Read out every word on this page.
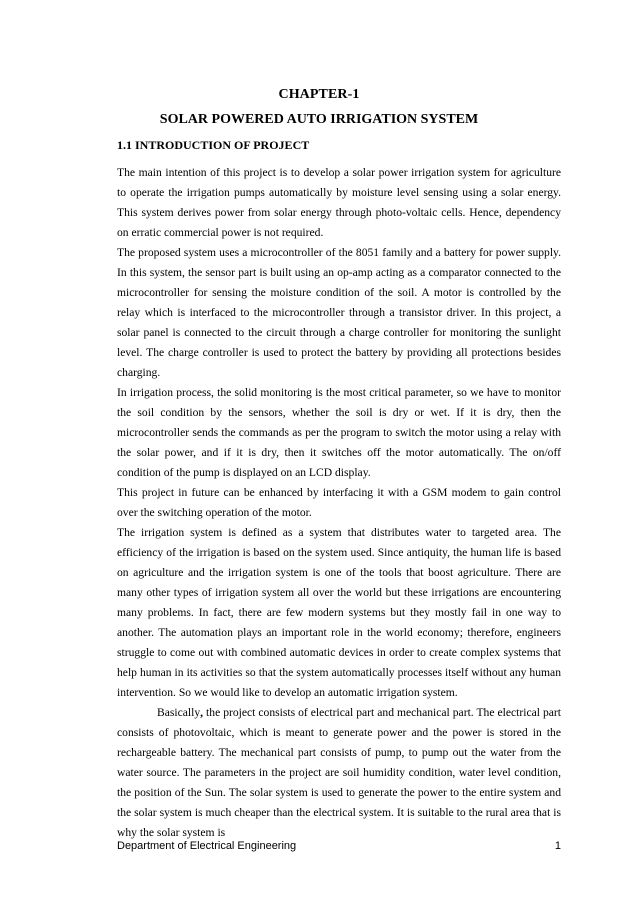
CHAPTER-1
SOLAR POWERED AUTO IRRIGATION SYSTEM
1.1 INTRODUCTION OF PROJECT

The main intention of this project is to develop a solar power irrigation system for agriculture to operate the irrigation pumps automatically by moisture level sensing using a solar energy. This system derives power from solar energy through photo-voltaic cells. Hence, dependency on erratic commercial power is not required.

The proposed system uses a microcontroller of the 8051 family and a battery for power supply. In this system, the sensor part is built using an op-amp acting as a comparator connected to the microcontroller for sensing the moisture condition of the soil. A motor is controlled by the relay which is interfaced to the microcontroller through a transistor driver. In this project, a solar panel is connected to the circuit through a charge controller for monitoring the sunlight level. The charge controller is used to protect the battery by providing all protections besides charging.

In irrigation process, the solid monitoring is the most critical parameter, so we have to monitor the soil condition by the sensors, whether the soil is dry or wet. If it is dry, then the microcontroller sends the commands as per the program to switch the motor using a relay with the solar power, and if it is dry, then it switches off the motor automatically. The on/off condition of the pump is displayed on an LCD display.

This project in future can be enhanced by interfacing it with a GSM modem to gain control over the switching operation of the motor.

The irrigation system is defined as a system that distributes water to targeted area. The efficiency of the irrigation is based on the system used. Since antiquity, the human life is based on agriculture and the irrigation system is one of the tools that boost agriculture. There are many other types of irrigation system all over the world but these irrigations are encountering many problems. In fact, there are few modern systems but they mostly fail in one way to another. The automation plays an important role in the world economy; therefore, engineers struggle to come out with combined automatic devices in order to create complex systems that help human in its activities so that the system automatically processes itself without any human intervention. So we would like to develop an automatic irrigation system.

Basically, the project consists of electrical part and mechanical part. The electrical part consists of photovoltaic, which is meant to generate power and the power is stored in the rechargeable battery. The mechanical part consists of pump, to pump out the water from the water source. The parameters in the project are soil humidity condition, water level condition, the position of the Sun. The solar system is used to generate the power to the entire system and the solar system is much cheaper than the electrical system. It is suitable to the rural area that is why the solar system is

Department of Electrical Engineering	1
